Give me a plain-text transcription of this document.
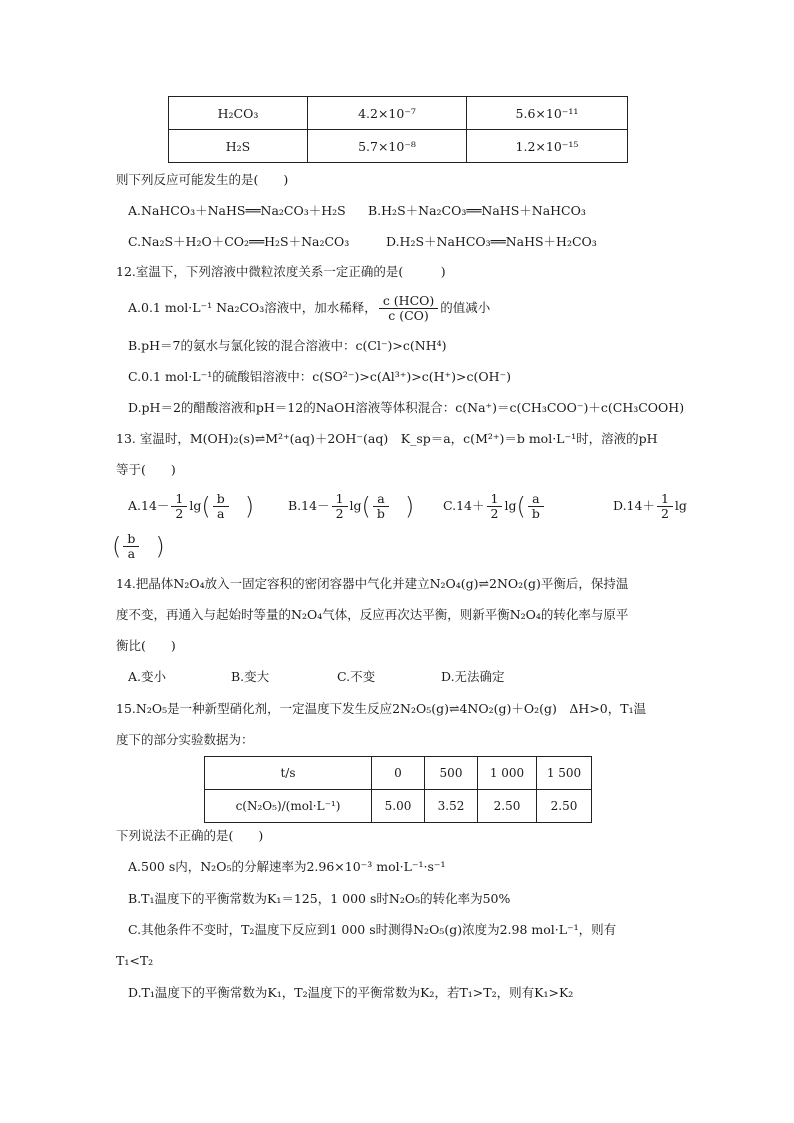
H₂CO₃	4.2×10⁻⁷	5.6×10⁻¹¹
H₂S	5.7×10⁻⁸	1.2×10⁻¹⁵
则下列反应可能发生的是(　　)
A.NaHCO₃＋NaHS══Na₂CO₃＋H₂S B.H₂S＋Na₂CO₃══NaHS＋NaHCO₃
C.Na₂S＋H₂O＋CO₂══H₂S＋Na₂CO₃	D.H₂S＋NaHCO₃══NaHS＋H₂CO₃
12.室温下，下列溶液中微粒浓度关系一定正确的是(　　　)
A.0.1 mol·L⁻¹ Na₂CO₃溶液中，加水稀释， $\frac{\text{c (HCO)}}{c (CO)}$ 的值减小
B.pH＝7的氨水与氯化铵的混合溶液中：c(Cl⁻)>c(NH⁴)
C.0.1 mol·L⁻¹的硫酸铝溶液中：c(SO²⁻)>c(Al³⁺)>c(H⁺)>c(OH⁻)
D.pH＝2的醋酸溶液和pH＝12的NaOH溶液等体积混合：c(Na⁺)＝c(CH₃COO⁻)＋c(CH₃COOH)
13. 室温时，M(OH)₂(s)⇌M²⁺(aq)＋2OH⁻(aq)　K_sp＝a，c(M²⁺)＝b mol·L⁻¹时，溶液的pH
等于(　　)
$A.14- \frac{1}{2} \lg( \frac{b}{a}$ )	$B.14- \frac{1}{2} \lg( \frac{a}{b}$ ) $C.14+ \frac{1}{2} \lg( \frac{a}{b}$	$D.14+ \frac{1}{2}$ lg
( $\frac{b}{a}$ )
14.把晶体N₂O₄放入一固定容积的密闭容器中气化并建立N₂O₄(g)⇌2NO₂(g)平衡后，保持温
度不变，再通入与起始时等量的N₂O₄气体，反应再次达平衡，则新平衡N₂O₄的转化率与原平
衡比(　　)
A.变小	B.变大	C.不变	D.无法确定
15.N₂O₅是一种新型硝化剂，一定温度下发生反应2N₂O₅(g)⇌4NO₂(g)＋O₂(g)　ΔH>0，T₁温
度下的部分实验数据为：
t/s	0	500	1 000	1 500
c(N₂O₅)/(mol·L⁻¹)	5.00	3.52	2.50	2.50
下列说法不正确的是(　　)
A.500 s内，N₂O₅的分解速率为2.96×10⁻³ mol·L⁻¹·s⁻¹
B.T₁温度下的平衡常数为K₁＝125，1 000 s时N₂O₅的转化率为50%
C.其他条件不变时，T₂温度下反应到1 000 s时测得N₂O₅(g)浓度为2.98 mol·L⁻¹，则有
T₁<T₂
D.T₁温度下的平衡常数为K₁，T₂温度下的平衡常数为K₂，若T₁>T₂，则有K₁>K₂
